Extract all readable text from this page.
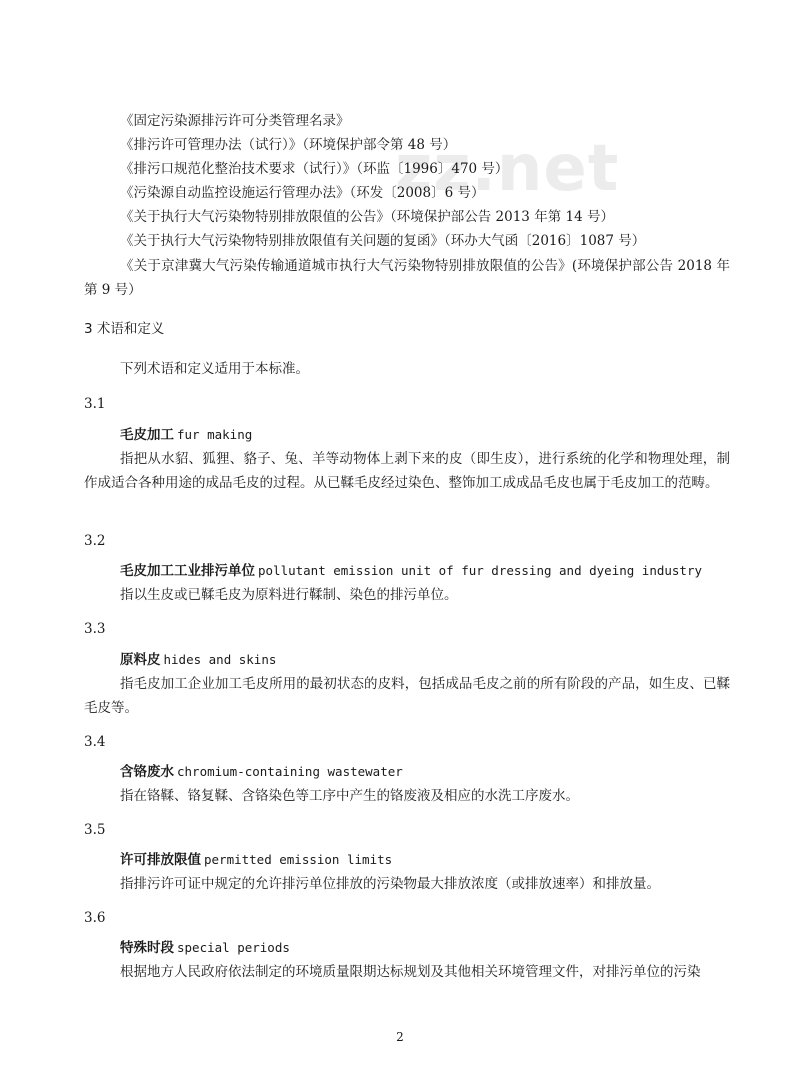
zz.net
《固定污染源排污许可分类管理名录》
《排污许可管理办法（试行）》（环境保护部令第 48 号）
《排污口规范化整治技术要求（试行）》（环监〔1996〕470 号）
《污染源自动监控设施运行管理办法》（环发〔2008〕6 号）
《关于执行大气污染物特别排放限值的公告》（环境保护部公告 2013 年第 14 号）
《关于执行大气污染物特别排放限值有关问题的复函》（环办大气函〔2016〕1087 号）
《关于京津冀大气污染传输通道城市执行大气污染物特别排放限值的公告》(环境保护部公告 2018 年第 9 号）
3 术语和定义
下列术语和定义适用于本标准。
3.1
毛皮加工 fur making
指把从水貂、狐狸、貉子、兔、羊等动物体上剥下来的皮（即生皮），进行系统的化学和物理处理，制作成适合各种用途的成品毛皮的过程。从已鞣毛皮经过染色、整饰加工成成品毛皮也属于毛皮加工的范畴。
3.2
毛皮加工工业排污单位 pollutant emission unit of fur dressing and dyeing industry
指以生皮或已鞣毛皮为原料进行鞣制、染色的排污单位。
3.3
原料皮 hides and skins
指毛皮加工企业加工毛皮所用的最初状态的皮料，包括成品毛皮之前的所有阶段的产品，如生皮、已鞣毛皮等。
3.4
含铬废水 chromium-containing wastewater
指在铬鞣、铬复鞣、含铬染色等工序中产生的铬废液及相应的水洗工序废水。
3.5
许可排放限值 permitted emission limits
指排污许可证中规定的允许排污单位排放的污染物最大排放浓度（或排放速率）和排放量。
3.6
特殊时段 special periods
根据地方人民政府依法制定的环境质量限期达标规划及其他相关环境管理文件，对排污单位的污染
2
